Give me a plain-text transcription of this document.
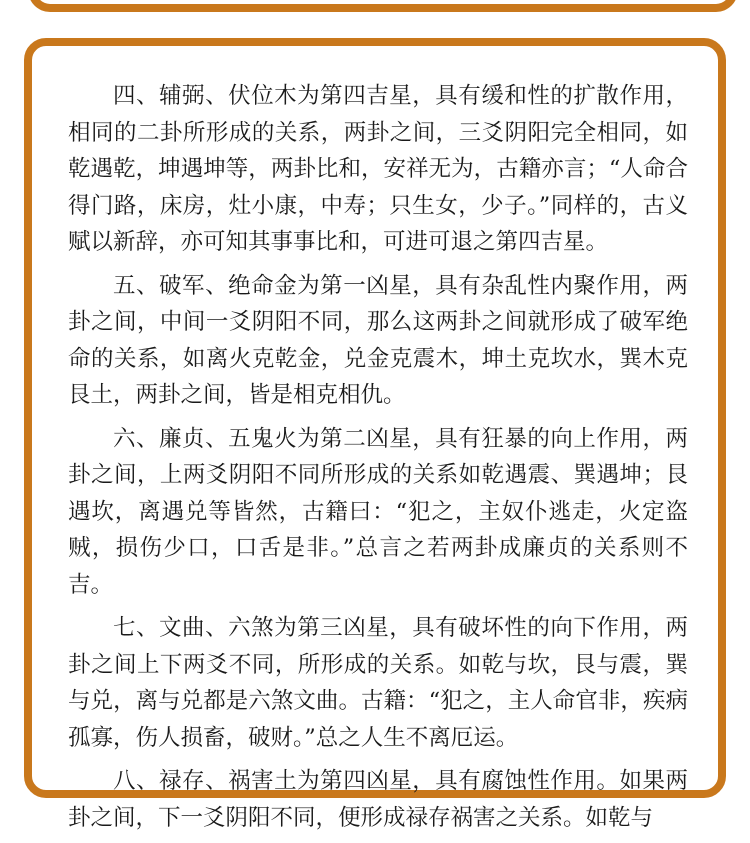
四、辅弼、伏位木为第四吉星，具有缓和性的扩散作用，相同的二卦所形成的关系，两卦之间，三爻阴阳完全相同，如乾遇乾，坤遇坤等，两卦比和，安祥无为，古籍亦言；“人命合得门路，床房，灶小康，中寿；只生女，少子。”同样的，古义赋以新辞，亦可知其事事比和，可进可退之第四吉星。

五、破军、绝命金为第一凶星，具有杂乱性内聚作用，两卦之间，中间一爻阴阳不同，那么这两卦之间就形成了破军绝命的关系，如离火克乾金，兑金克震木，坤土克坎水，巽木克艮土，两卦之间，皆是相克相仇。

六、廉贞、五鬼火为第二凶星，具有狂暴的向上作用，两卦之间，上两爻阴阳不同所形成的关系如乾遇震、巽遇坤；艮遇坎，离遇兑等皆然，古籍曰：“犯之，主奴仆逃走，火定盗贼，损伤少口，口舌是非。”总言之若两卦成廉贞的关系则不吉。

七、文曲、六煞为第三凶星，具有破坏性的向下作用，两卦之间上下两爻不同，所形成的关系。如乾与坎，艮与震，巽与兑，离与兑都是六煞文曲。古籍：“犯之，主人命官非，疾病孤寡，伤人损畜，破财。”总之人生不离厄运。

八、禄存、祸害土为第四凶星，具有腐蚀性作用。如果两卦之间，下一爻阴阳不同，便形成禄存祸害之关系。如乾与
